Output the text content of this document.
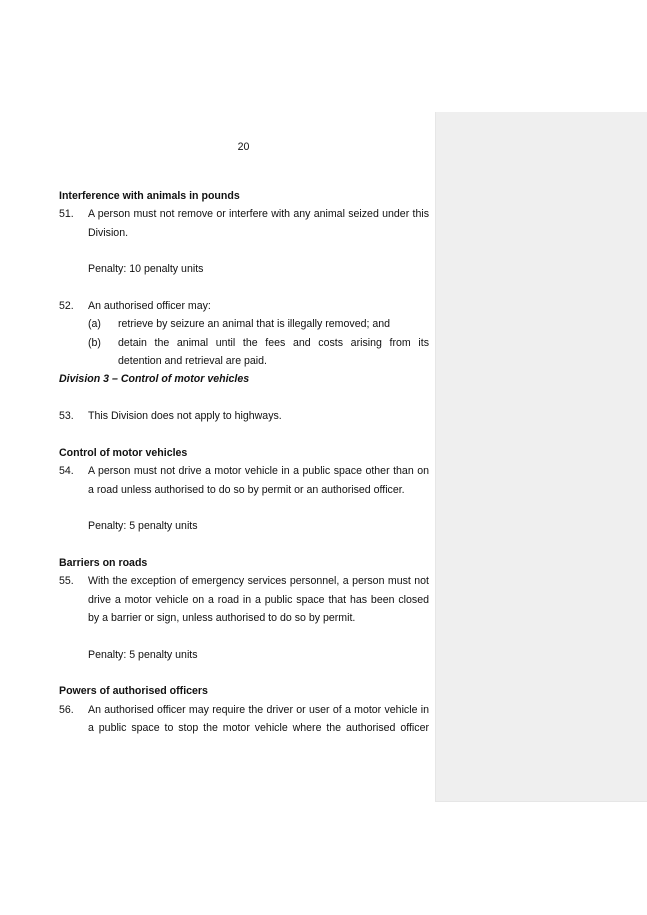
20
Interference with animals in pounds
51. A person must not remove or interfere with any animal seized under this
Division.
Penalty: 10 penalty units
52. An authorised officer may:
(a) retrieve by seizure an animal that is illegally removed; and
(b) detain the animal until the fees and costs arising from its
detention and retrieval are paid.
Division 3 – Control of motor vehicles
53. This Division does not apply to highways.
Control of motor vehicles
54. A person must not drive a motor vehicle in a public space other than on
a road unless authorised to do so by permit or an authorised officer.
Penalty: 5 penalty units
Barriers on roads
55. With the exception of emergency services personnel, a person must not
drive a motor vehicle on a road in a public space that has been closed
by a barrier or sign, unless authorised to do so by permit.
Penalty: 5 penalty units
Powers of authorised officers
56. An authorised officer may require the driver or user of a motor vehicle in
a public space to stop the motor vehicle where the authorised officer
